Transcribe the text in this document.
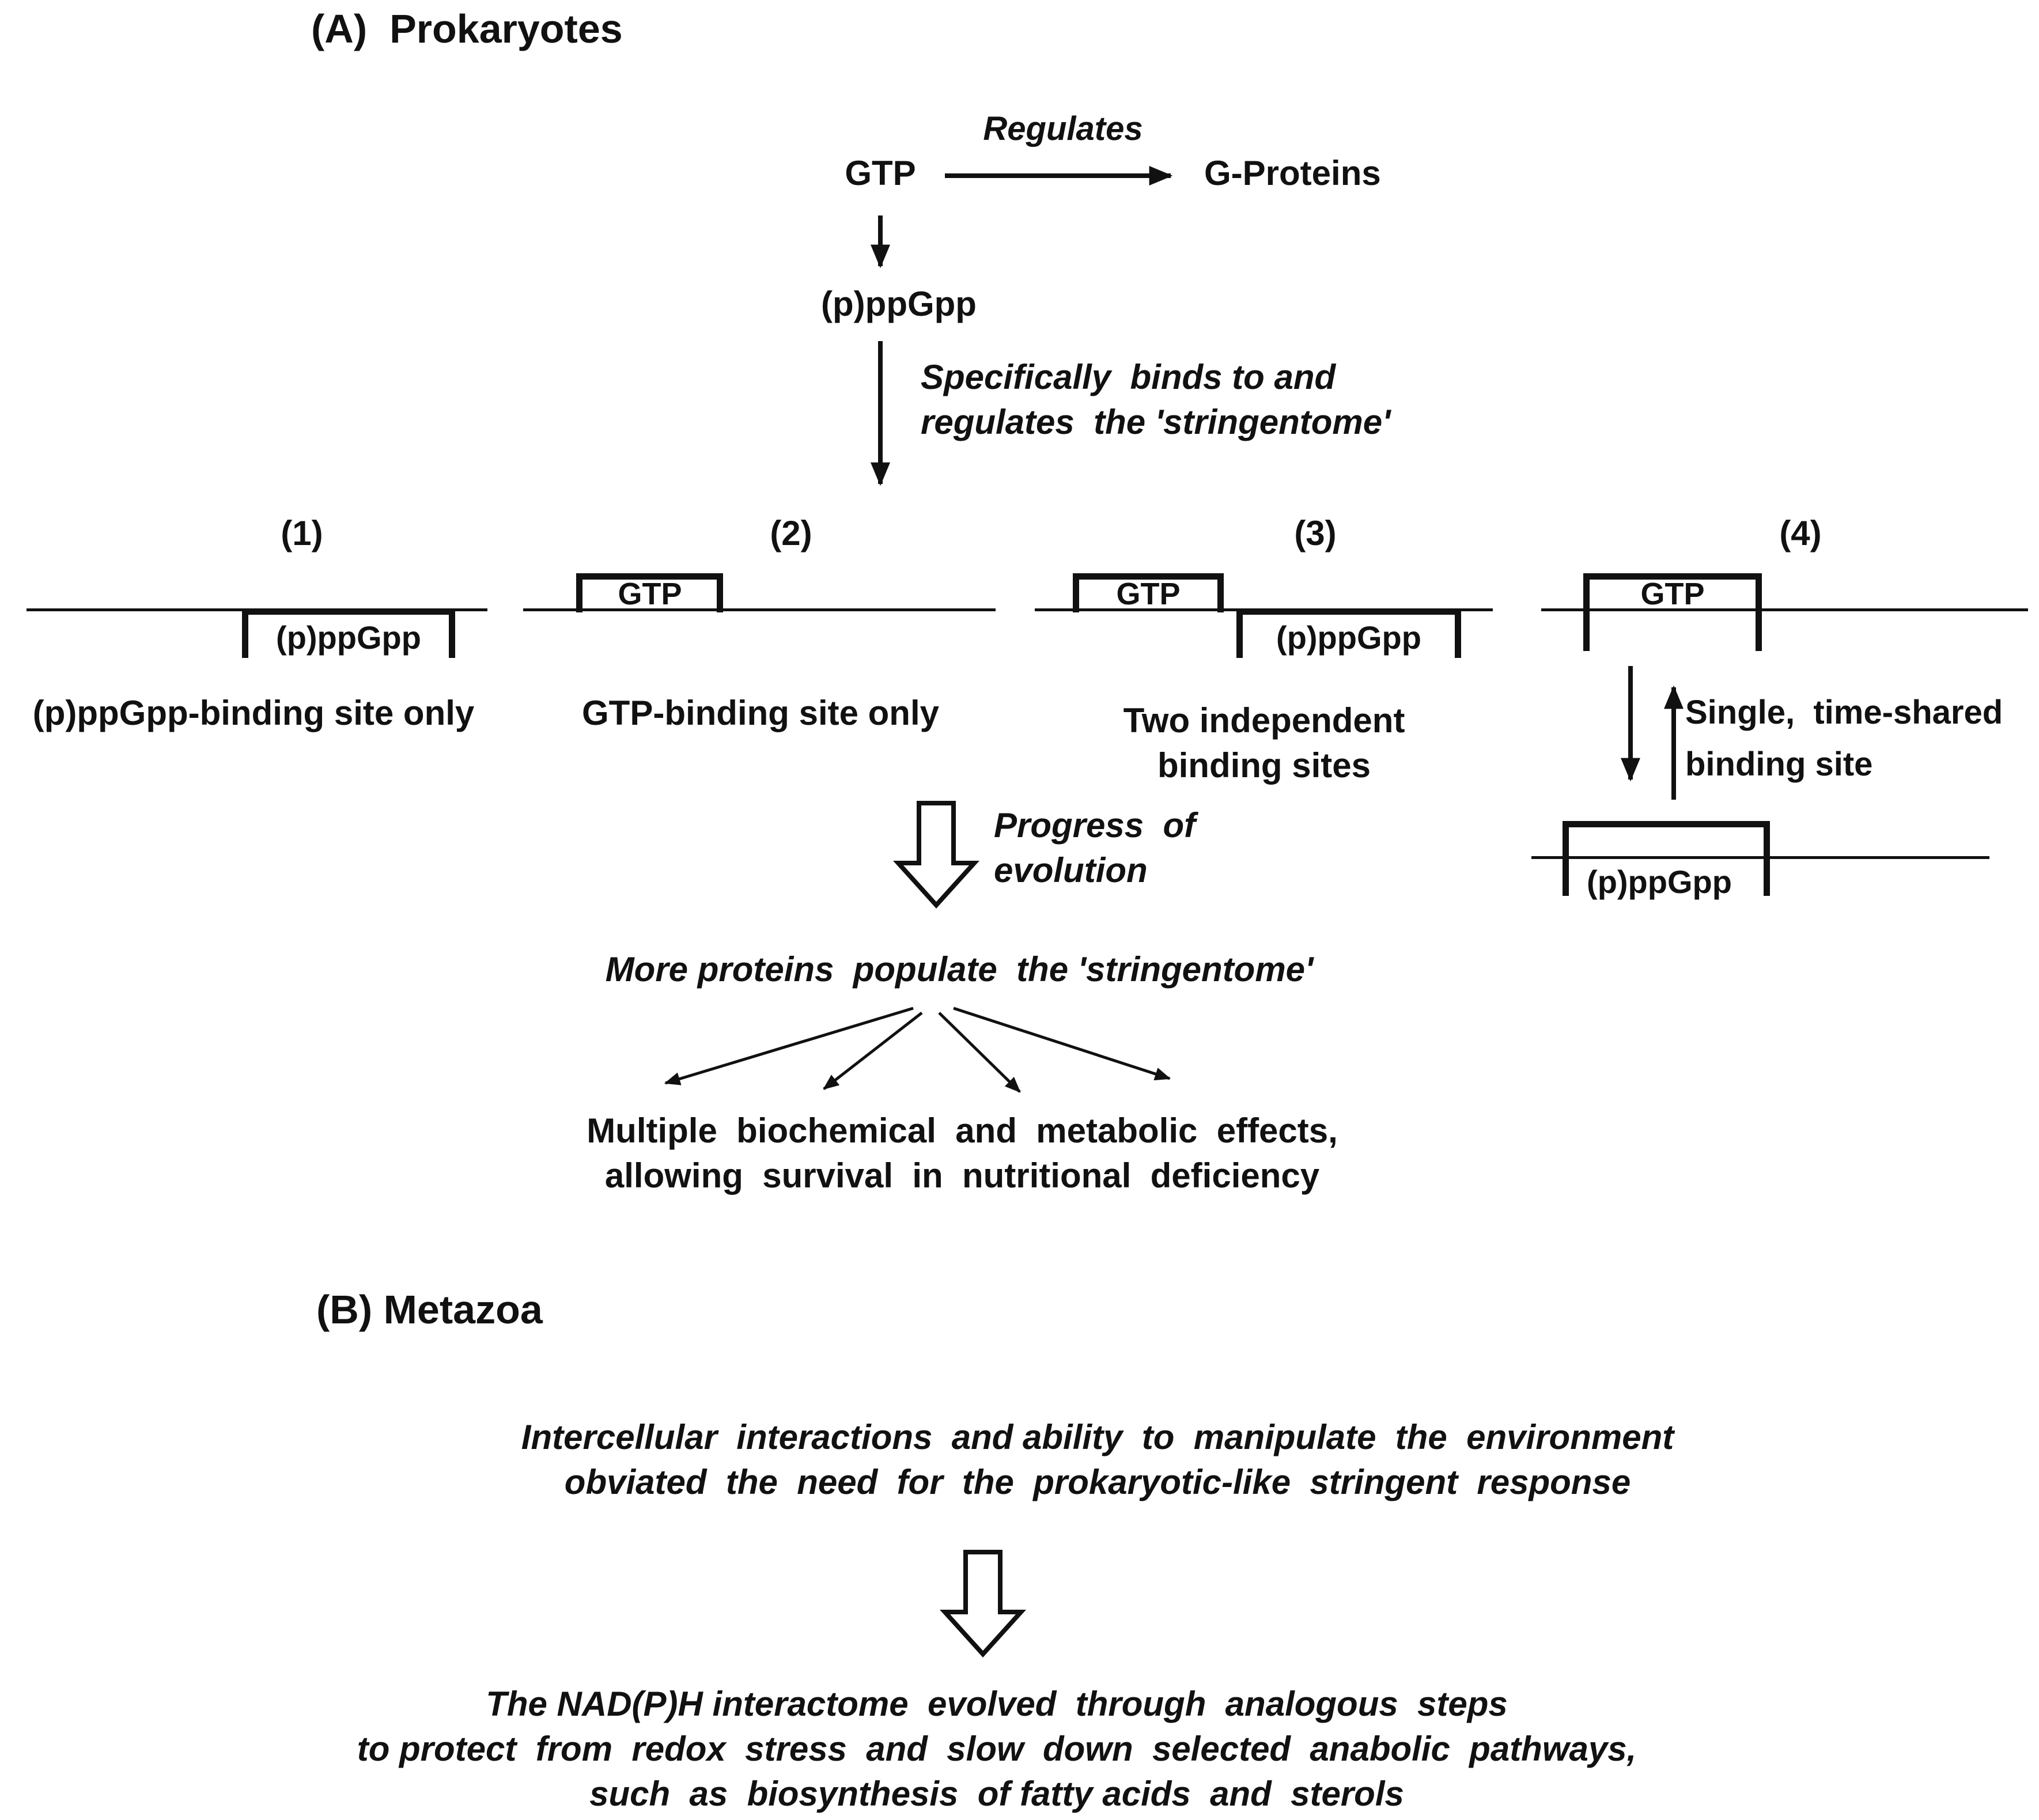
(A)  Prokaryotes
GTP
Regulates
G-Proteins
(p)ppGpp
Specifically  binds to and
regulates  the 'stringentome'
(1)	(2)	(3)	(4)
(p)ppGpp
(p)ppGpp-binding site only
GTP
GTP-binding site only
GTP
(p)ppGpp
Two independent
binding sites
GTP
Single,  time-shared
binding site
(p)ppGpp
Progress  of
evolution
More proteins  populate  the 'stringentome'
Multiple  biochemical  and  metabolic  effects,
allowing  survival  in  nutritional  deficiency
(B) Metazoa
Intercellular  interactions  and ability  to  manipulate  the  environment
obviated  the  need  for  the  prokaryotic-like  stringent  response
The NAD(P)H interactome  evolved  through  analogous  steps
to protect  from  redox  stress  and  slow  down  selected  anabolic  pathways,
such  as  biosynthesis  of fatty acids  and  sterols
